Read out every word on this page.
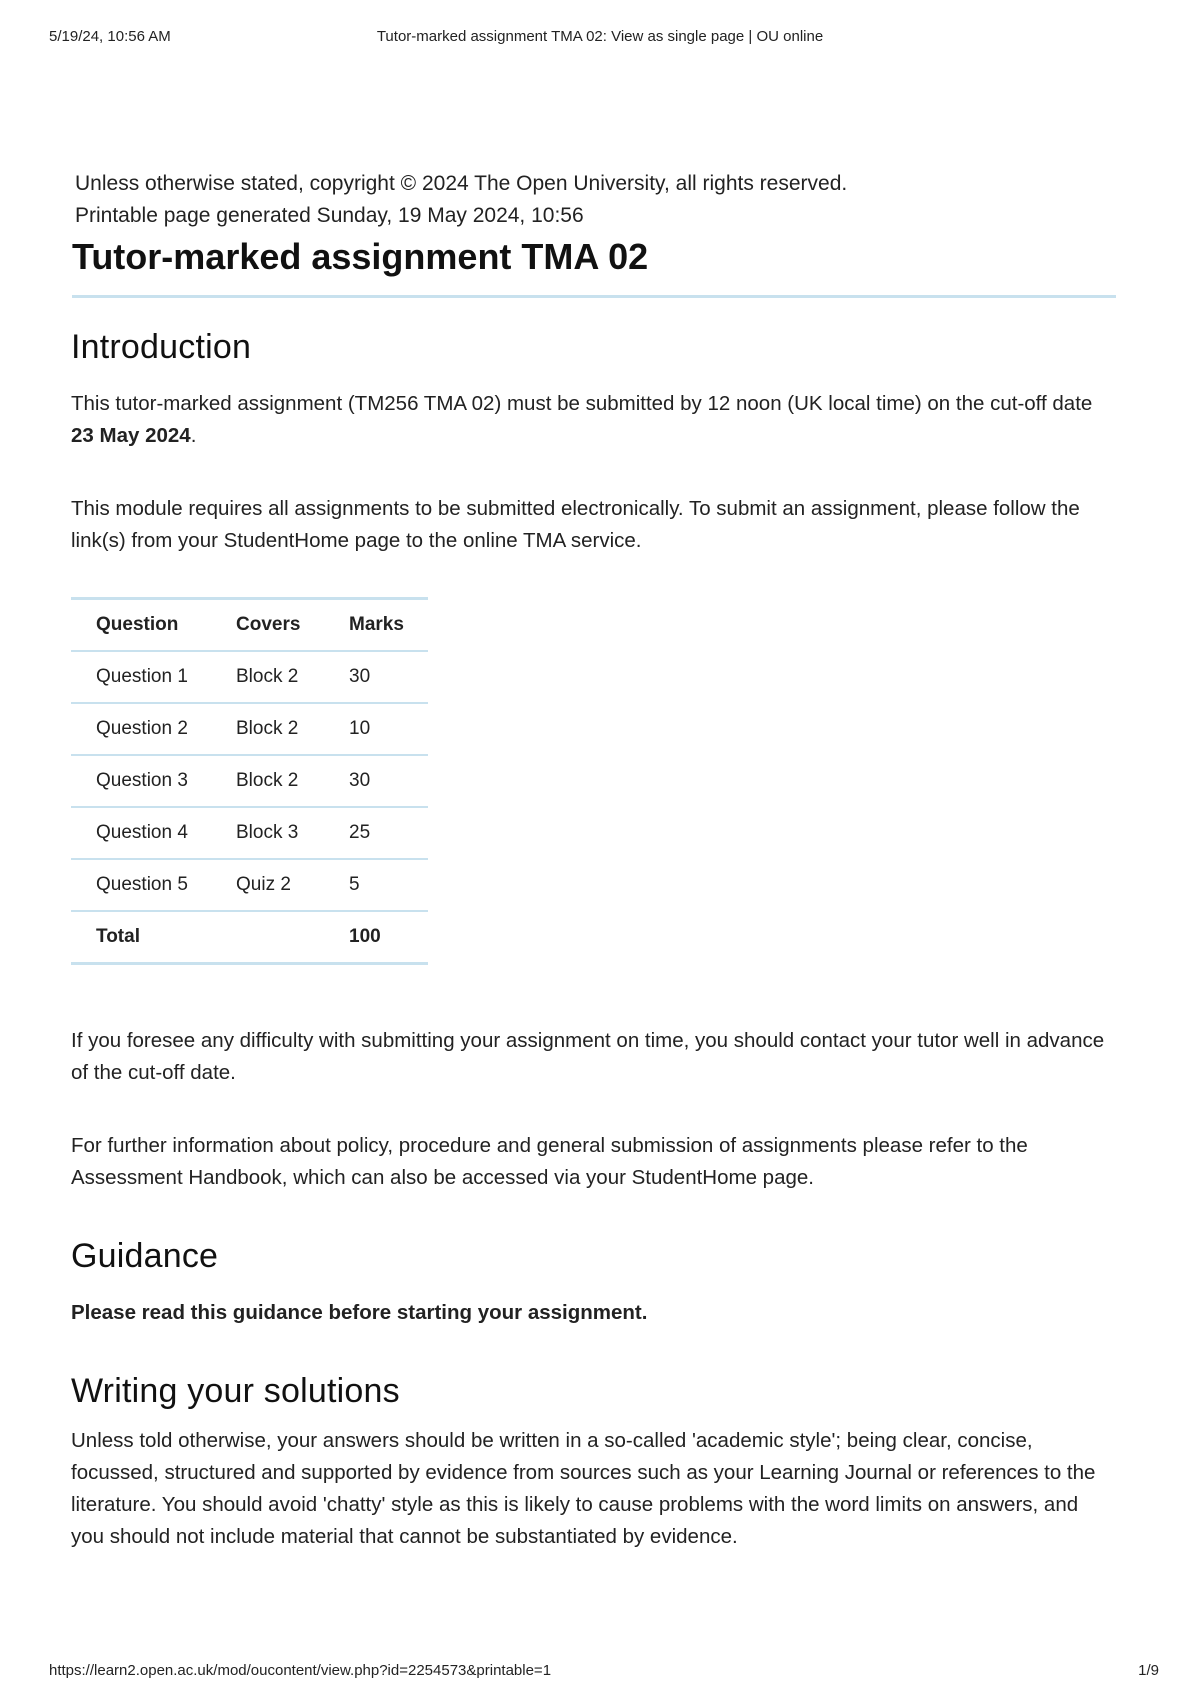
5/19/24, 10:56 AM	Tutor-marked assignment TMA 02: View as single page | OU online
Unless otherwise stated, copyright © 2024 The Open University, all rights reserved.
Printable page generated Sunday, 19 May 2024, 10:56
Tutor-marked assignment TMA 02
Introduction

This tutor-marked assignment (TM256 TMA 02) must be submitted by 12 noon (UK local time) on the cut-off date 23 May 2024.

This module requires all assignments to be submitted electronically. To submit an assignment, please follow the link(s) from your StudentHome page to the online TMA service.

Question	Covers	Marks
Question 1	Block 2	30
Question 2	Block 2	10
Question 3	Block 2	30
Question 4	Block 3	25
Question 5	Quiz 2	5
Total		100

If you foresee any difficulty with submitting your assignment on time, you should contact your tutor well in advance of the cut-off date.

For further information about policy, procedure and general submission of assignments please refer to the Assessment Handbook, which can also be accessed via your StudentHome page.

Guidance

Please read this guidance before starting your assignment.

Writing your solutions

Unless told otherwise, your answers should be written in a so-called 'academic style'; being clear, concise, focussed, structured and supported by evidence from sources such as your Learning Journal or references to the literature. You should avoid 'chatty' style as this is likely to cause problems with the word limits on answers, and you should not include material that cannot be substantiated by evidence.

https://learn2.open.ac.uk/mod/oucontent/view.php?id=2254573&printable=1	1/9
